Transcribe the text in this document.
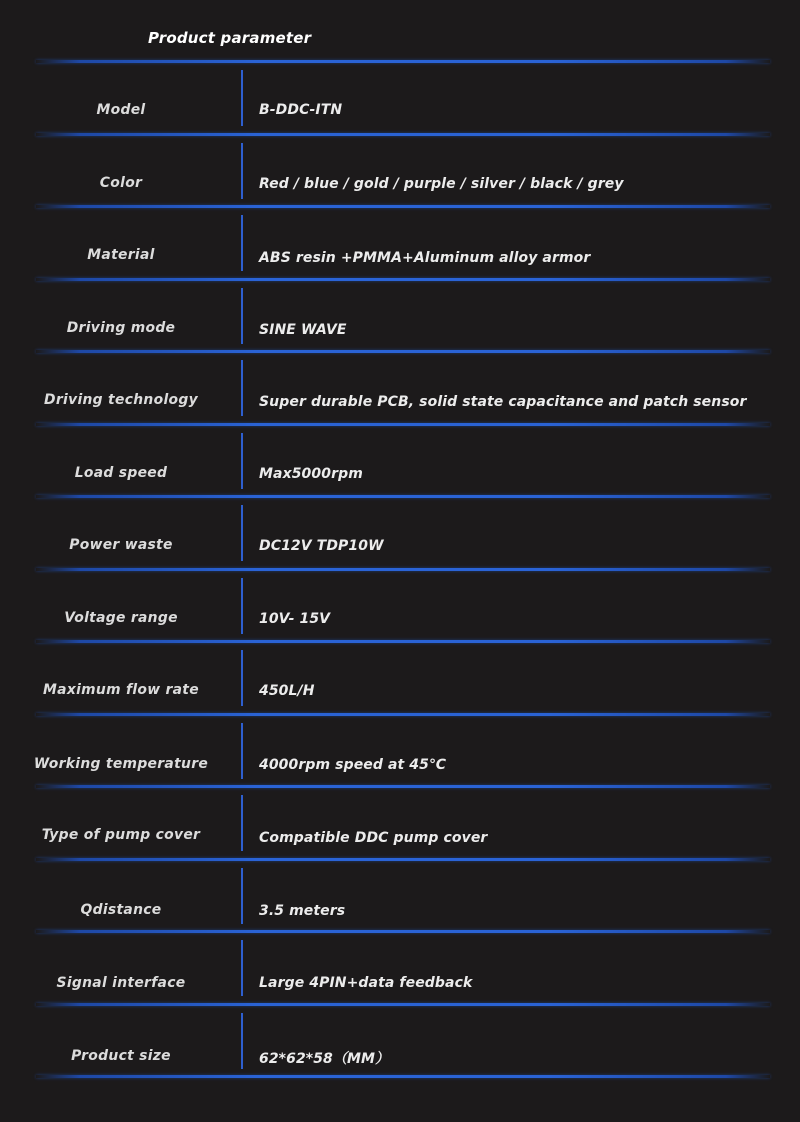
Product parameter
Model	B-DDC-ITN
Color	Red / blue / gold / purple / silver / black / grey
Material	ABS resin +PMMA+Aluminum alloy armor
Driving mode	SINE WAVE
Driving technology	Super durable PCB, solid state capacitance and patch sensor
Load speed	Max5000rpm
Power waste	DC12V TDP10W
Voltage range	10V- 15V
Maximum flow rate	450L/H
Working temperature	4000rpm speed at 45℃
Type of pump cover	Compatible DDC pump cover
Qdistance	3.5 meters
Signal interface	Large 4PIN+data feedback
Product size	62*62*58（MM）
